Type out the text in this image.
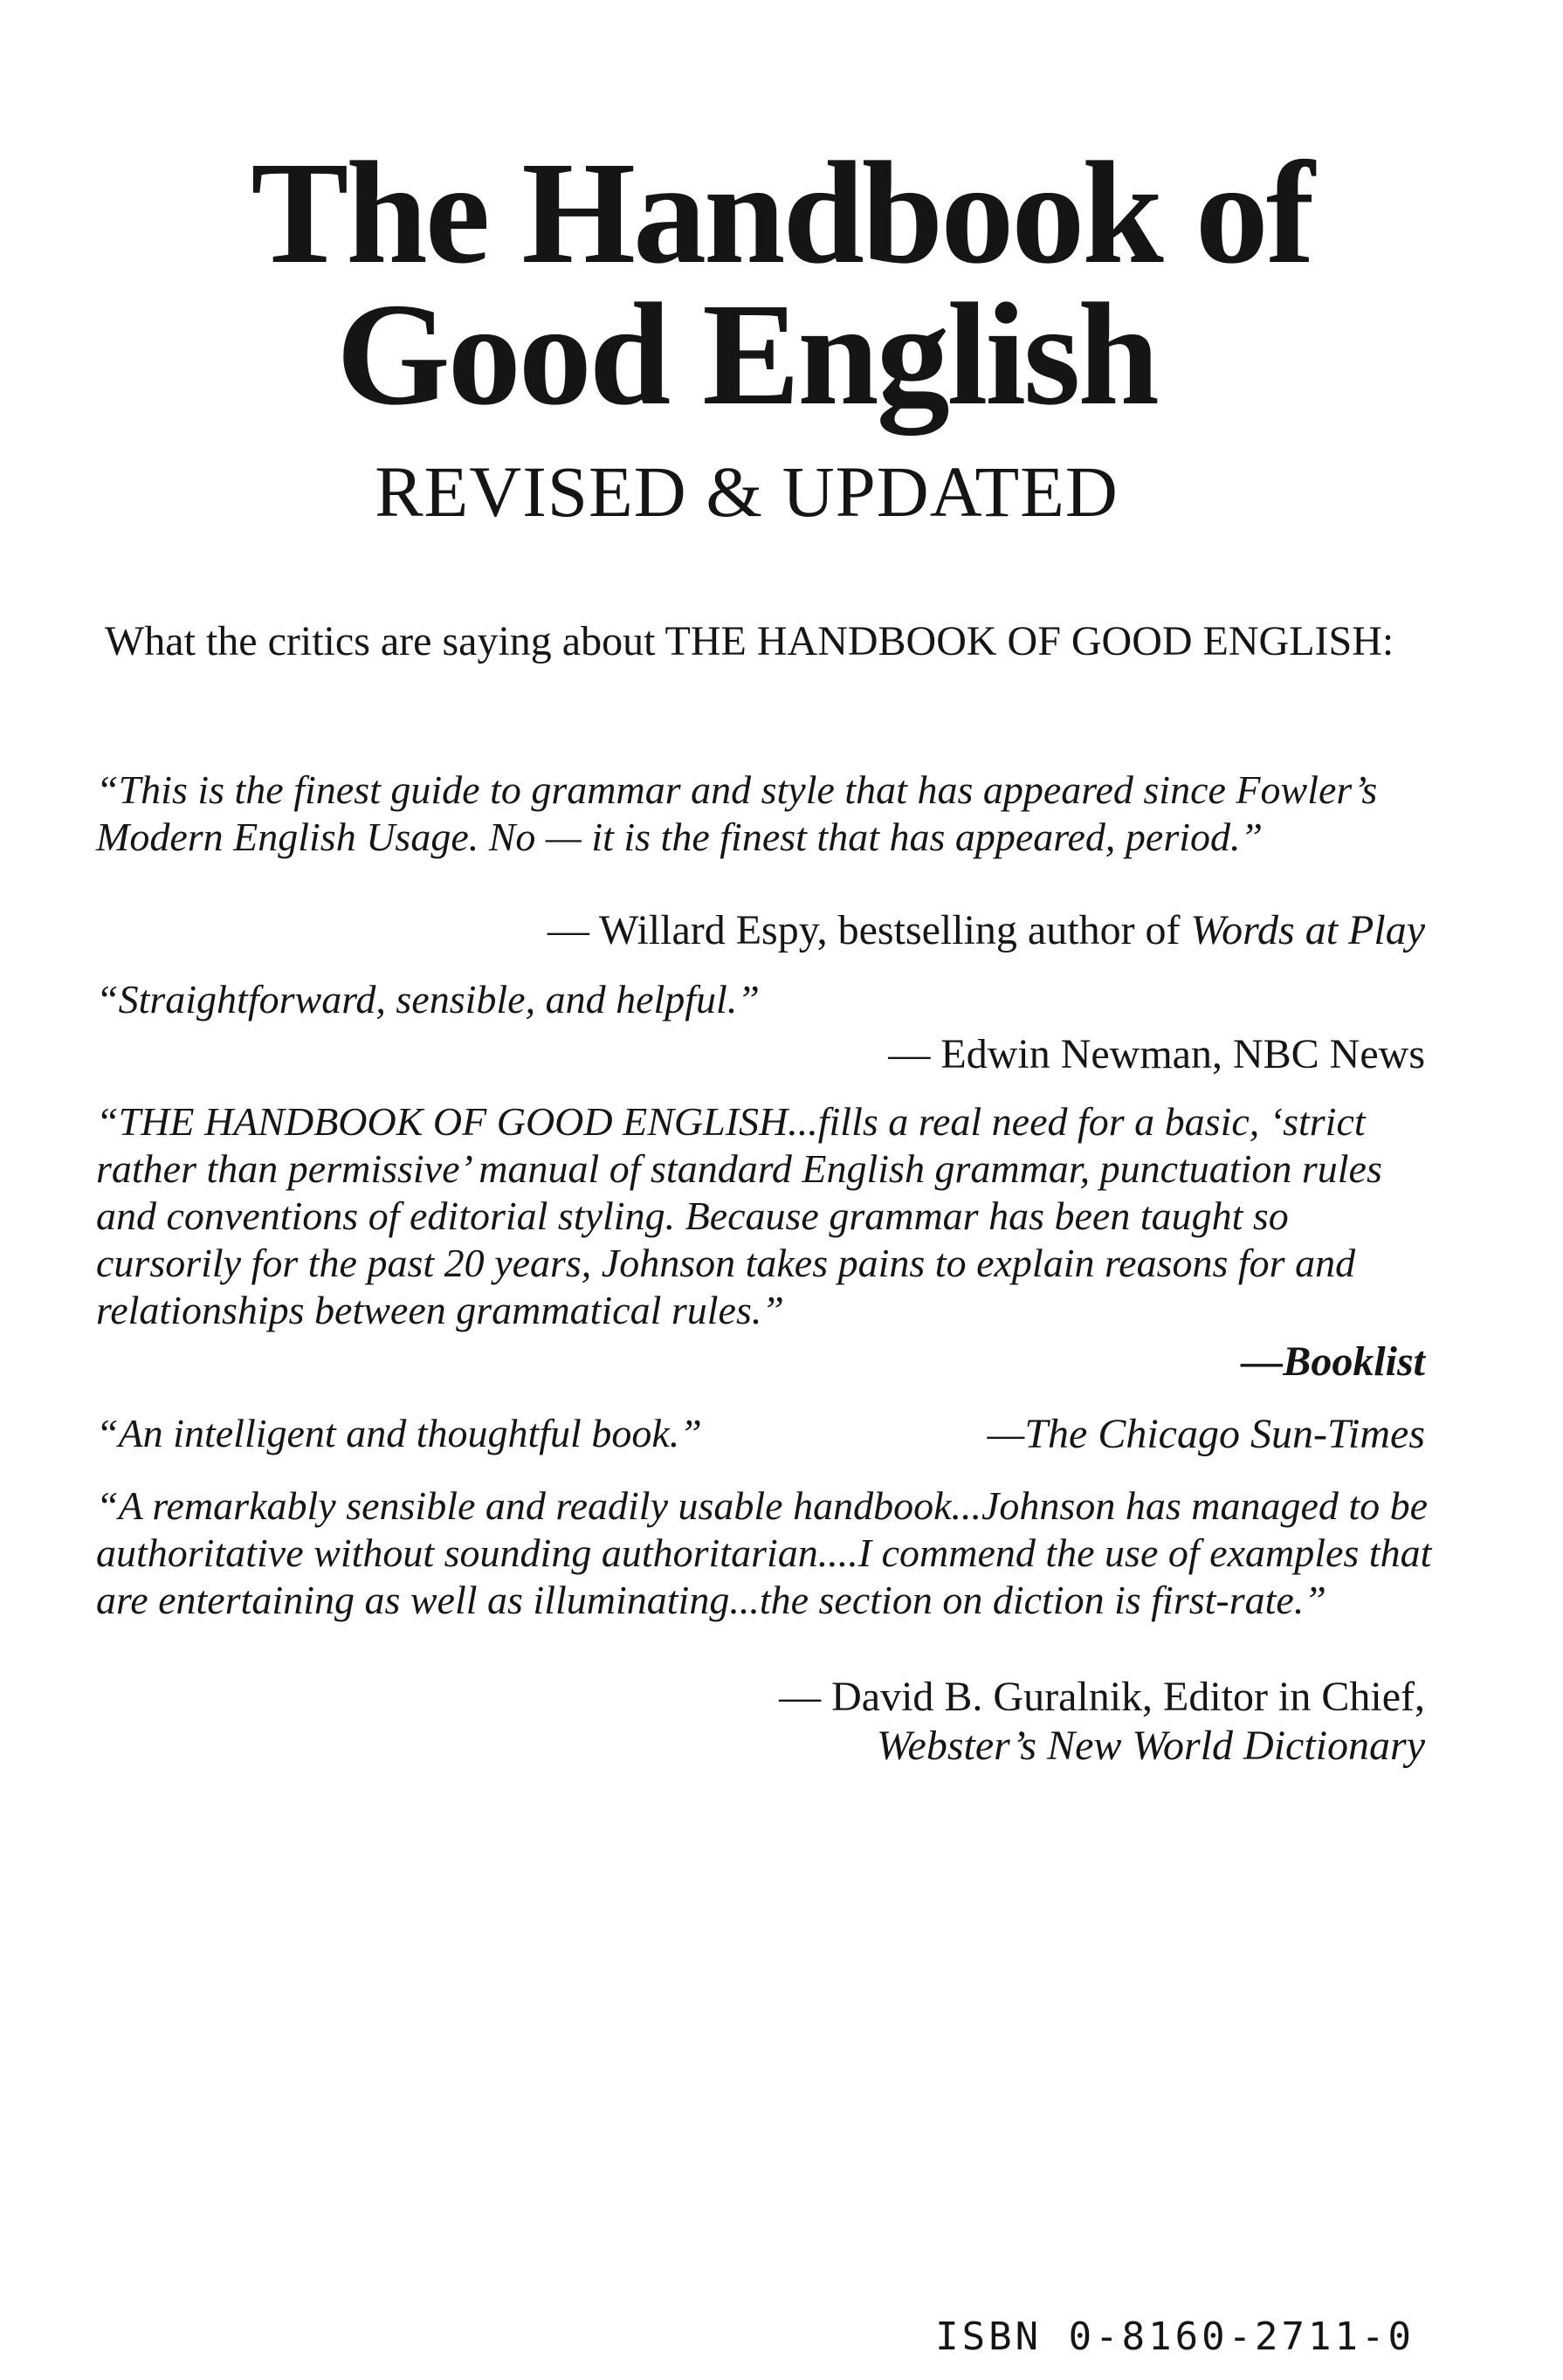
The Handbook of
Good English

REVISED & UPDATED

What the critics are saying about THE HANDBOOK OF GOOD ENGLISH:

“This is the finest guide to grammar and style that has appeared since Fowler’s Modern English Usage. No — it is the finest that has appeared, period.”

— Willard Espy, bestselling author of Words at Play

“Straightforward, sensible, and helpful.”

— Edwin Newman, NBC News

“THE HANDBOOK OF GOOD ENGLISH...fills a real need for a basic, ‘strict rather than permissive’ manual of standard English grammar, punctuation rules and conventions of editorial styling. Because grammar has been taught so cursorily for the past 20 years, Johnson takes pains to explain reasons for and relationships between grammatical rules.”

—Booklist

“An intelligent and thoughtful book.”	—The Chicago Sun-Times

“A remarkably sensible and readily usable handbook...Johnson has managed to be authoritative without sounding authoritarian....I commend the use of examples that are entertaining as well as illuminating...the section on diction is first-rate.”

— David B. Guralnik, Editor in Chief,

Webster’s New World Dictionary

ISBN 0-8160-2711-0
